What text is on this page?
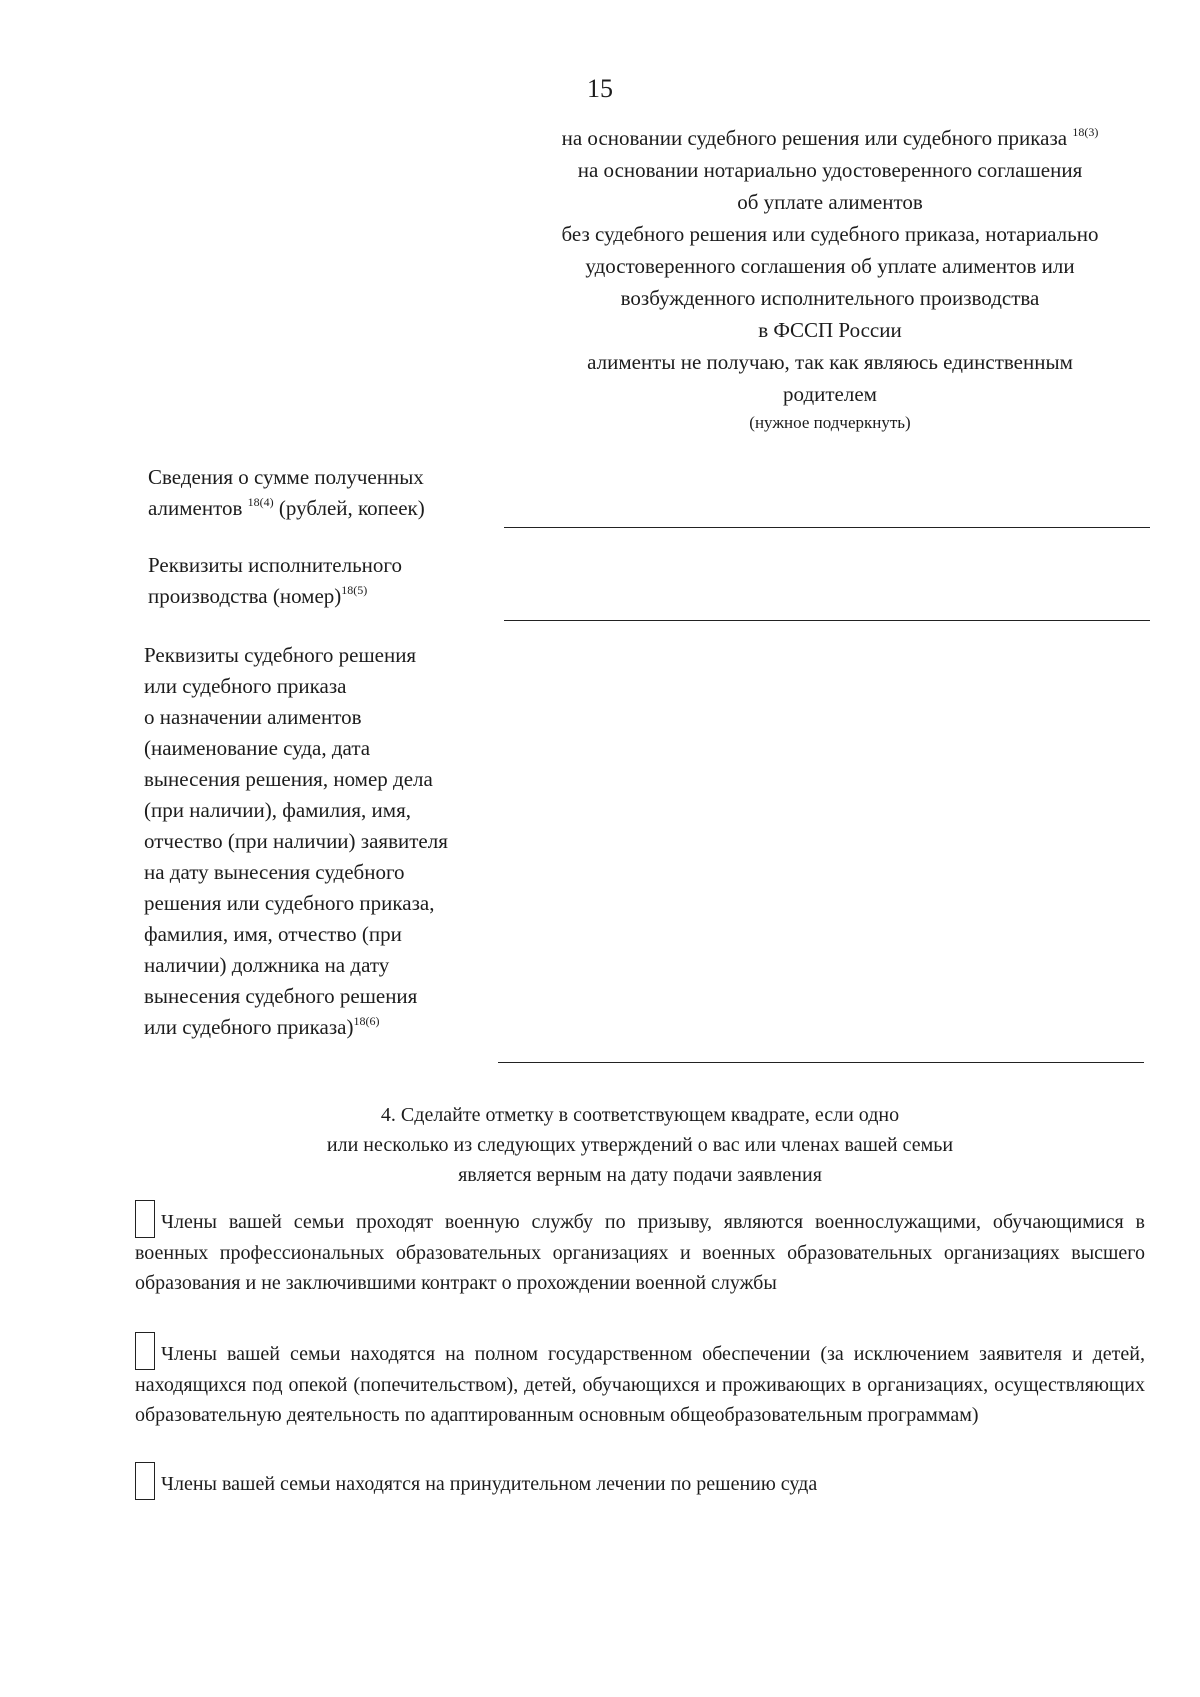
15
на основании судебного решения или судебного приказа $^{18(3)}$
на основании нотариально удостоверенного соглашения
об уплате алиментов
без судебного решения или судебного приказа, нотариально
удостоверенного соглашения об уплате алиментов или
возбужденного исполнительного производства
в ФССП России
алименты не получаю, так как являюсь единственным
родителем
(нужное подчеркнуть)
Сведения о сумме полученных
алиментов $^{18(4)}$ (рублей, копеек)
Реквизиты исполнительного
производства (номер)$^{18(5)}$
Реквизиты судебного решения
или судебного приказа
о назначении алиментов
(наименование суда, дата
вынесения решения, номер дела
(при наличии), фамилия, имя,
отчество (при наличии) заявителя
на дату вынесения судебного
решения или судебного приказа,
фамилия, имя, отчество (при
наличии) должника на дату
вынесения судебного решения
или судебного приказа)$^{18(6)}$
4. Сделайте отметку в соответствующем квадрате, если одно
или несколько из следующих утверждений о вас или членах вашей семьи
является верным на дату подачи заявления
Члены вашей семьи проходят военную службу по призыву, являются военнослужащими, обучающимися в военных профессиональных образовательных организациях и военных образовательных организациях высшего образования и не заключившими контракт о прохождении военной службы
Члены вашей семьи находятся на полном государственном обеспечении (за исключением заявителя и детей, находящихся под опекой (попечительством), детей, обучающихся и проживающих в организациях, осуществляющих образовательную деятельность по адаптированным основным общеобразовательным программам)
Члены вашей семьи находятся на принудительном лечении по решению суда
